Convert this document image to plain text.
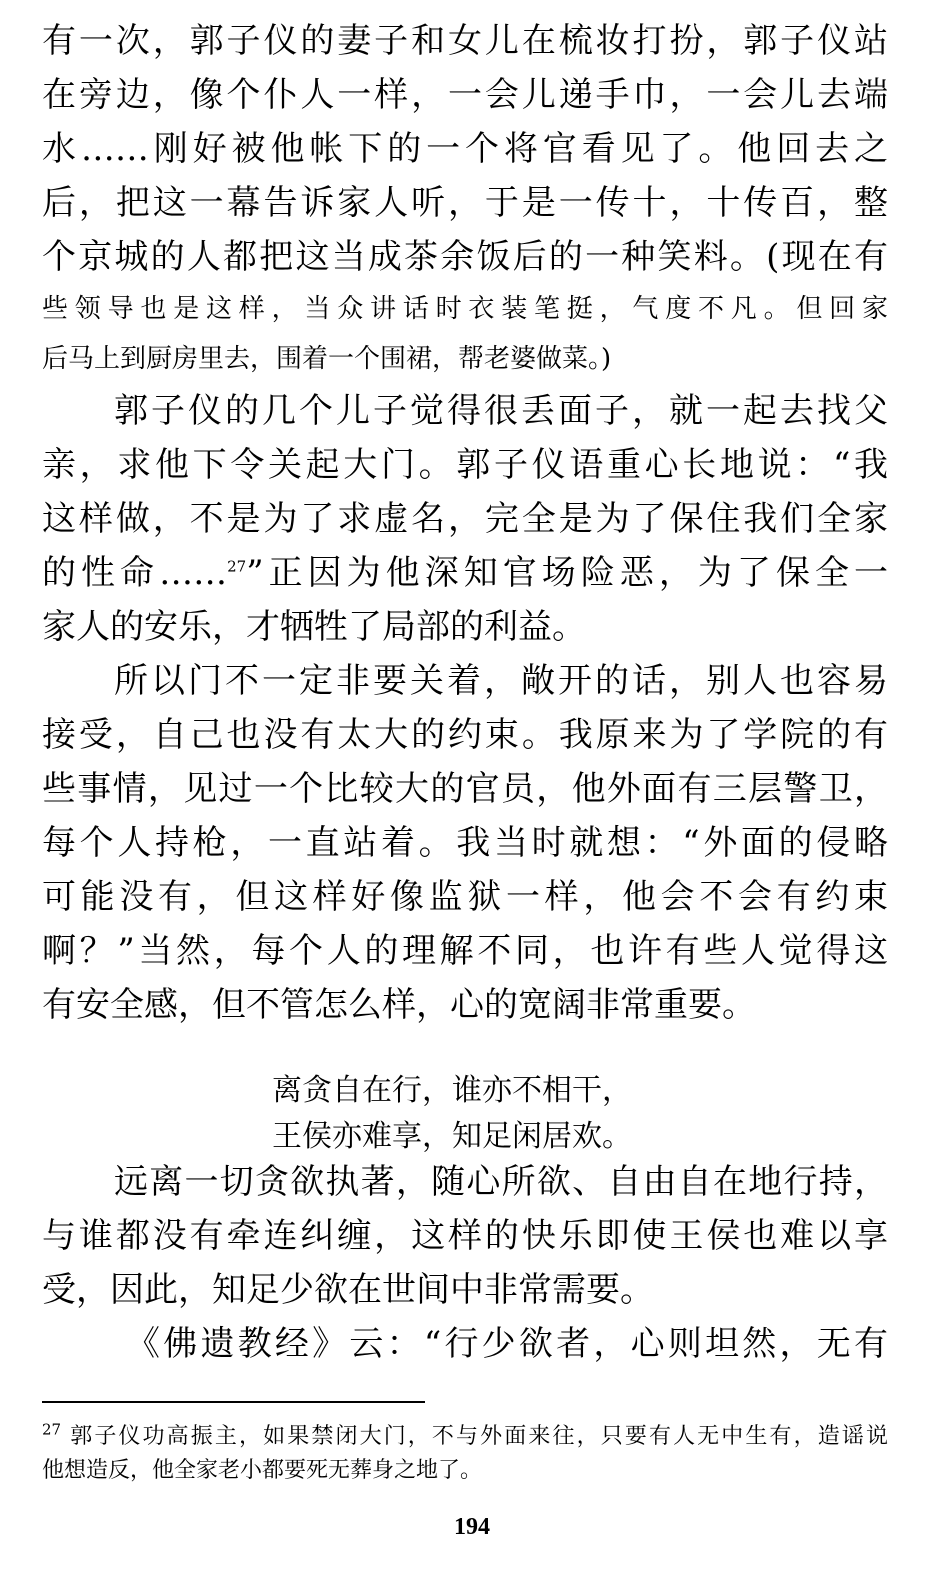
有一次，郭子仪的妻子和女儿在梳妆打扮，郭子仪站
在旁边，像个仆人一样，一会儿递手巾，一会儿去端
水……刚好被他帐下的一个将官看见了。他回去之
后，把这一幕告诉家人听，于是一传十，十传百，整
个京城的人都把这当成茶余饭后的一种笑料。(现在有
些领导也是这样，当众讲话时衣装笔挺，气度不凡。但回家
后马上到厨房里去，围着一个围裙，帮老婆做菜。)
郭子仪的几个儿子觉得很丢面子，就一起去找父
亲，求他下令关起大门。郭子仪语重心长地说：“我
这样做，不是为了求虚名，完全是为了保住我们全家
的性命……$^{27}$”正因为他深知官场险恶，为了保全一
家人的安乐，才牺牲了局部的利益。
所以门不一定非要关着，敞开的话，别人也容易
接受，自己也没有太大的约束。我原来为了学院的有
些事情，见过一个比较大的官员，他外面有三层警卫，
每个人持枪，一直站着。我当时就想：“外面的侵略
可能没有，但这样好像监狱一样，他会不会有约束
啊？”当然，每个人的理解不同，也许有些人觉得这
有安全感，但不管怎么样，心的宽阔非常重要。
离贪自在行，谁亦不相干，
王侯亦难享，知足闲居欢。
远离一切贪欲执著，随心所欲、自由自在地行持，
与谁都没有牵连纠缠，这样的快乐即使王侯也难以享
受，因此，知足少欲在世间中非常需要。
《佛遗教经》云：“行少欲者，心则坦然，无有
$^{27}$ 郭子仪功高振主，如果禁闭大门，不与外面来往，只要有人无中生有，造谣说
他想造反，他全家老小都要死无葬身之地了。
194
